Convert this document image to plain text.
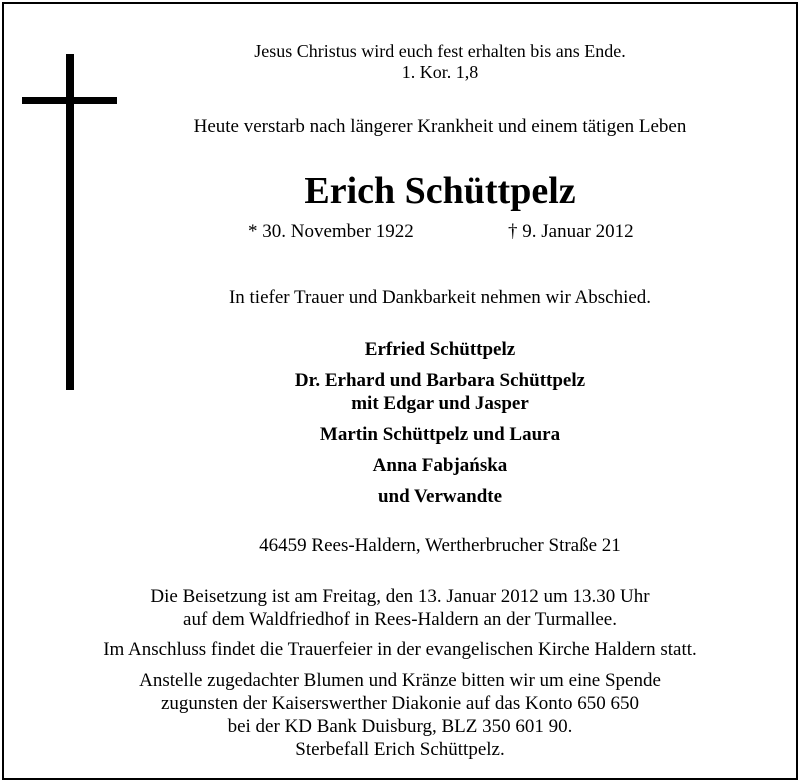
Jesus Christus wird euch fest erhalten bis ans Ende.
1. Kor. 1,8
Heute verstarb nach längerer Krankheit und einem tätigen Leben
Erich Schüttpelz
* 30. November 1922	† 9. Januar 2012
In tiefer Trauer und Dankbarkeit nehmen wir Abschied.
Erfried Schüttpelz
Dr. Erhard und Barbara Schüttpelz
mit Edgar und Jasper
Martin Schüttpelz und Laura
Anna Fabjańska
und Verwandte
46459 Rees-Haldern, Wertherbrucher Straße 21
Die Beisetzung ist am Freitag, den 13. Januar 2012 um 13.30 Uhr
auf dem Waldfriedhof in Rees-Haldern an der Turmallee.
Im Anschluss findet die Trauerfeier in der evangelischen Kirche Haldern statt.
Anstelle zugedachter Blumen und Kränze bitten wir um eine Spende
zugunsten der Kaiserswerther Diakonie auf das Konto 650 650
bei der KD Bank Duisburg, BLZ 350 601 90.
Sterbefall Erich Schüttpelz.
